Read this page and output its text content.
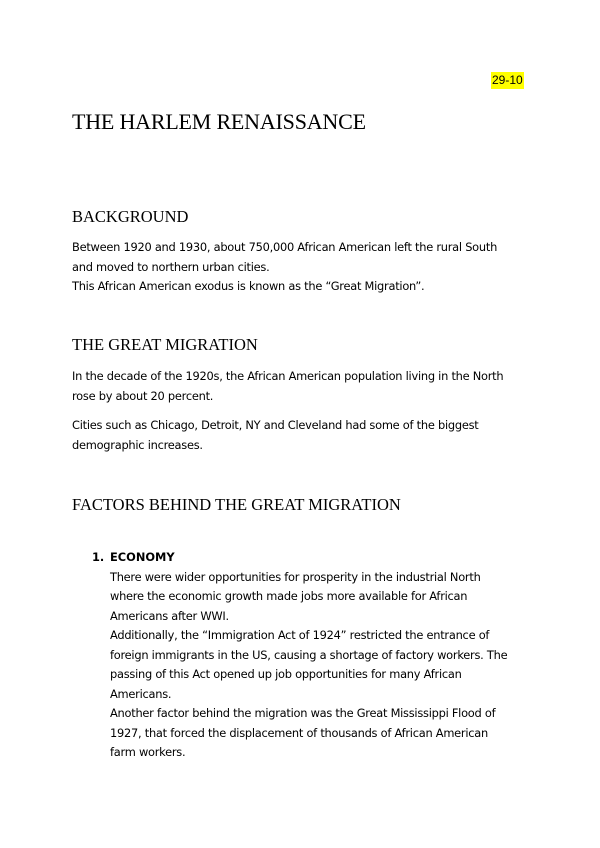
29-10
THE HARLEM RENAISSANCE
BACKGROUND
Between 1920 and 1930, about 750,000 African American left the rural South
and moved to northern urban cities.
This African American exodus is known as the “Great Migration”.
THE GREAT MIGRATION
In the decade of the 1920s, the African American population living in the North
rose by about 20 percent.
Cities such as Chicago, Detroit, NY and Cleveland had some of the biggest
demographic increases.
FACTORS BEHIND THE GREAT MIGRATION
1. ECONOMY
There were wider opportunities for prosperity in the industrial North
where the economic growth made jobs more available for African
Americans after WWI.
Additionally, the “Immigration Act of 1924” restricted the entrance of
foreign immigrants in the US, causing a shortage of factory workers. The
passing of this Act opened up job opportunities for many African
Americans.
Another factor behind the migration was the Great Mississippi Flood of
1927, that forced the displacement of thousands of African American
farm workers.
